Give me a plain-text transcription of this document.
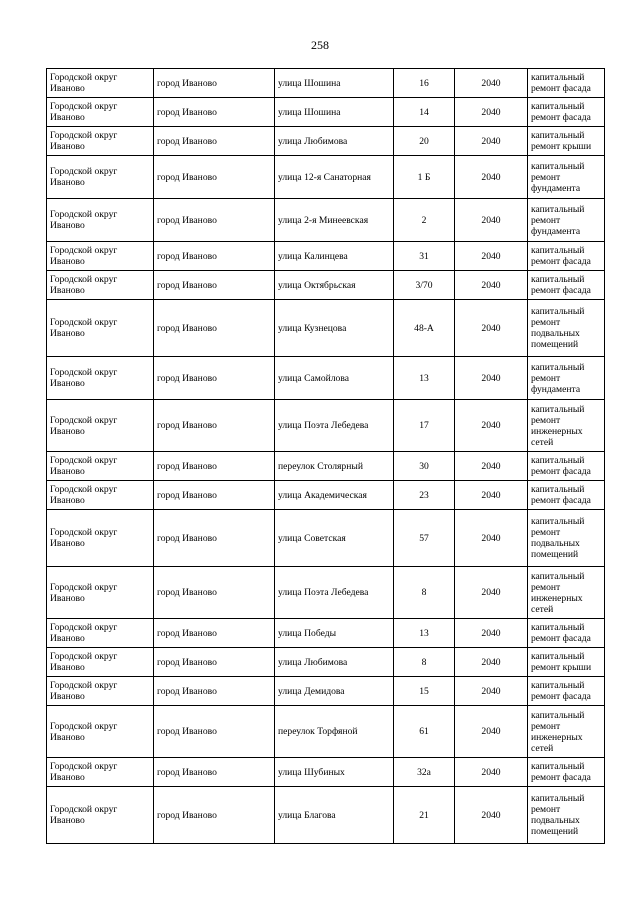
258
Городской округ Иваново	город Иваново	улица Шошина	16	2040	капитальный ремонт фасада
Городской округ Иваново	город Иваново	улица Шошина	14	2040	капитальный ремонт фасада
Городской округ Иваново	город Иваново	улица Любимова	20	2040	капитальный ремонт крыши
Городской округ Иваново	город Иваново	улица 12-я Санаторная	1 Б	2040	капитальный ремонт фундамента
Городской округ Иваново	город Иваново	улица 2-я Минеевская	2	2040	капитальный ремонт фундамента
Городской округ Иваново	город Иваново	улица Калинцева	31	2040	капитальный ремонт фасада
Городской округ Иваново	город Иваново	улица Октябрьская	3/70	2040	капитальный ремонт фасада
Городской округ Иваново	город Иваново	улица Кузнецова	48-А	2040	капитальный ремонт подвальных помещений
Городской округ Иваново	город Иваново	улица Самойлова	13	2040	капитальный ремонт фундамента
Городской округ Иваново	город Иваново	улица Поэта Лебедева	17	2040	капитальный ремонт инженерных сетей
Городской округ Иваново	город Иваново	переулок Столярный	30	2040	капитальный ремонт фасада
Городской округ Иваново	город Иваново	улица Академическая	23	2040	капитальный ремонт фасада
Городской округ Иваново	город Иваново	улица Советская	57	2040	капитальный ремонт подвальных помещений
Городской округ Иваново	город Иваново	улица Поэта Лебедева	8	2040	капитальный ремонт инженерных сетей
Городской округ Иваново	город Иваново	улица Победы	13	2040	капитальный ремонт фасада
Городской округ Иваново	город Иваново	улица Любимова	8	2040	капитальный ремонт крыши
Городской округ Иваново	город Иваново	улица Демидова	15	2040	капитальный ремонт фасада
Городской округ Иваново	город Иваново	переулок Торфяной	61	2040	капитальный ремонт инженерных сетей
Городской округ Иваново	город Иваново	улица Шубиных	32а	2040	капитальный ремонт фасада
Городской округ Иваново	город Иваново	улица Благова	21	2040	капитальный ремонт подвальных помещений
